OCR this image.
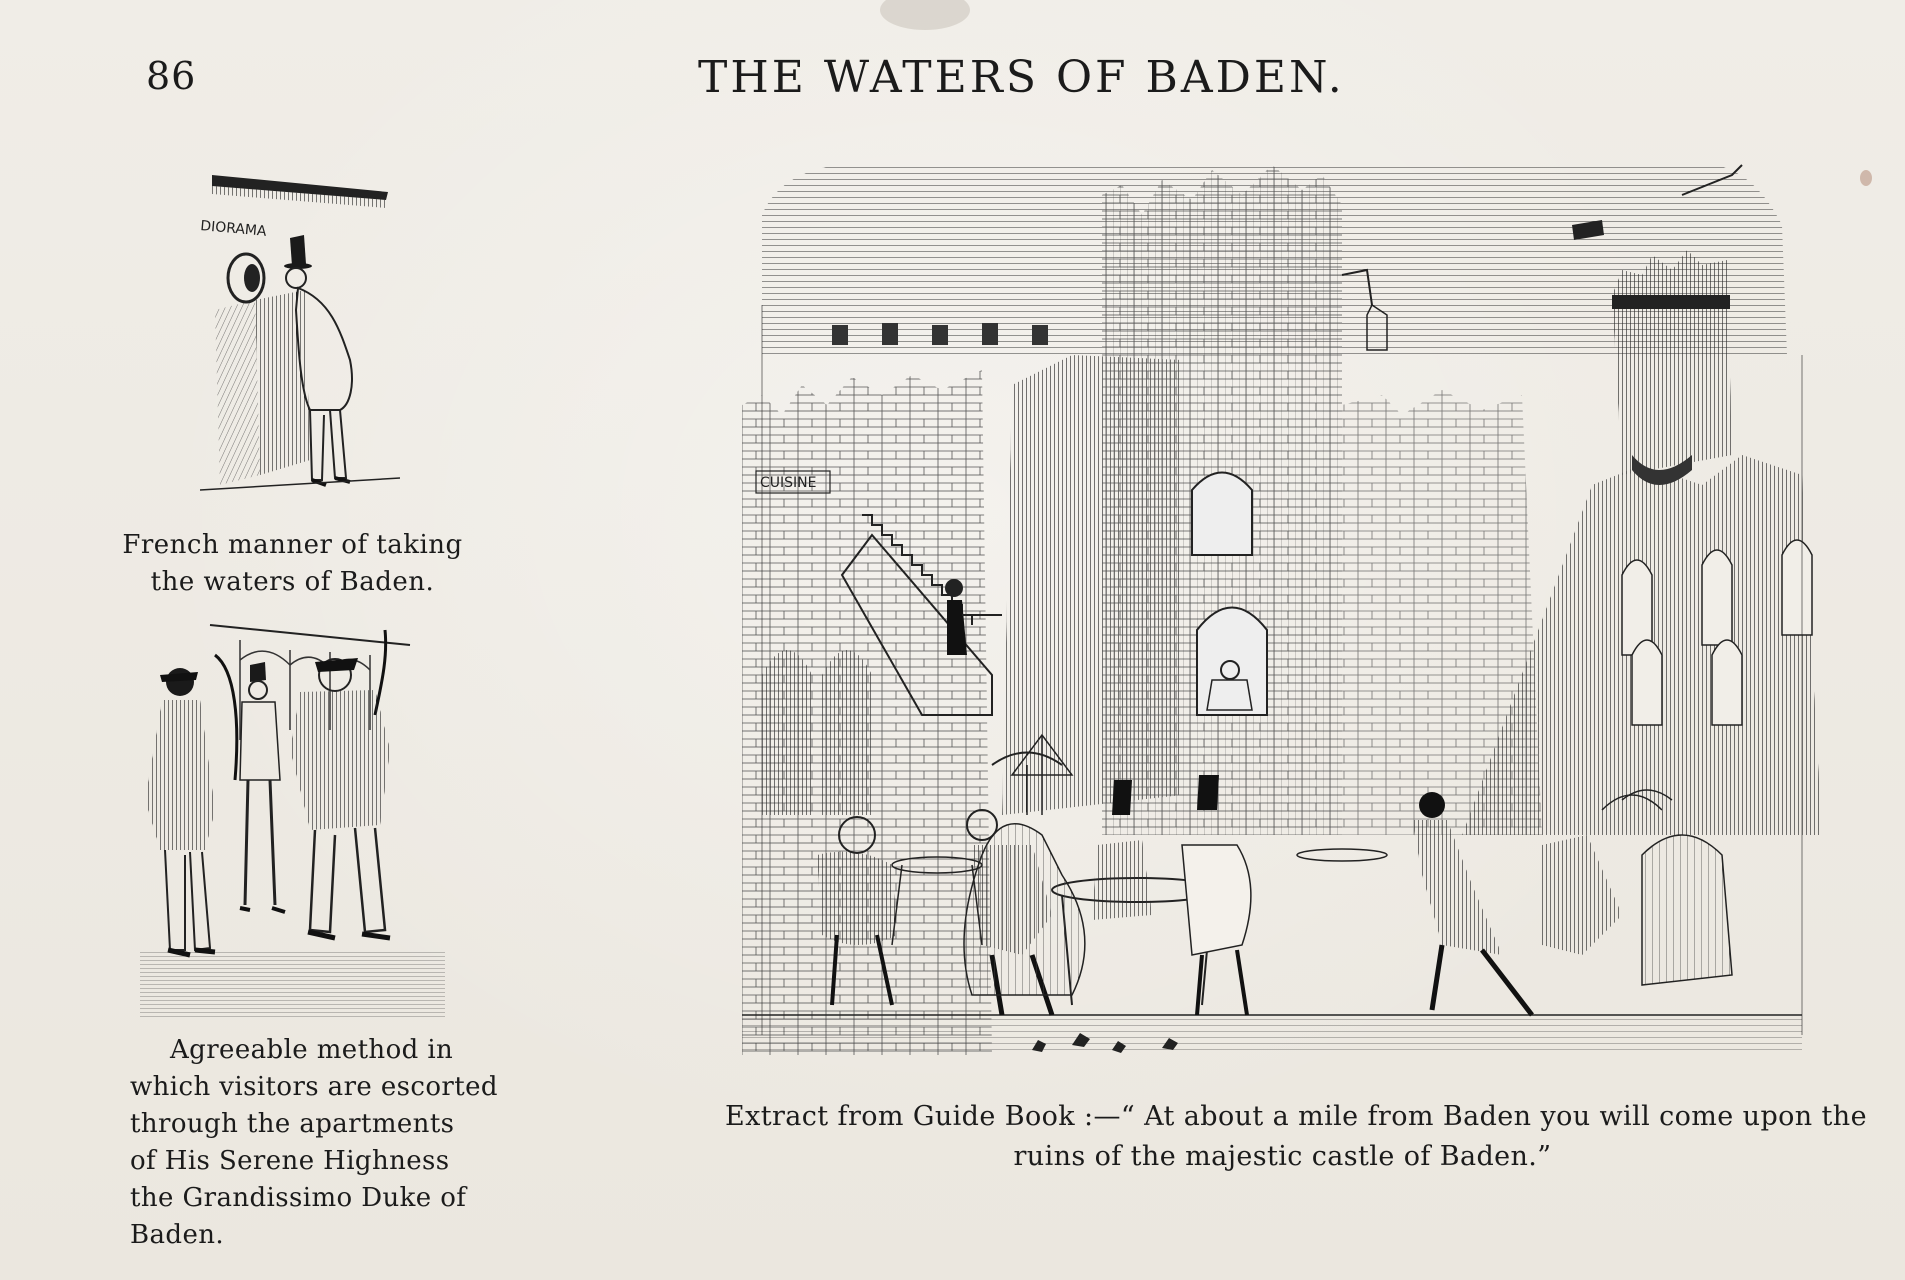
86	THE WATERS OF BADEN.
DIORAMA
French manner of taking
the waters of Baden.
Agreeable method in
which visitors are escorted
through the apartments
of His Serene Highness
the Grandissimo Duke of
Baden.
CUISINE
Extract from Guide Book :—“ At about a mile from Baden you will come upon the
ruins of the majestic castle of Baden.”
